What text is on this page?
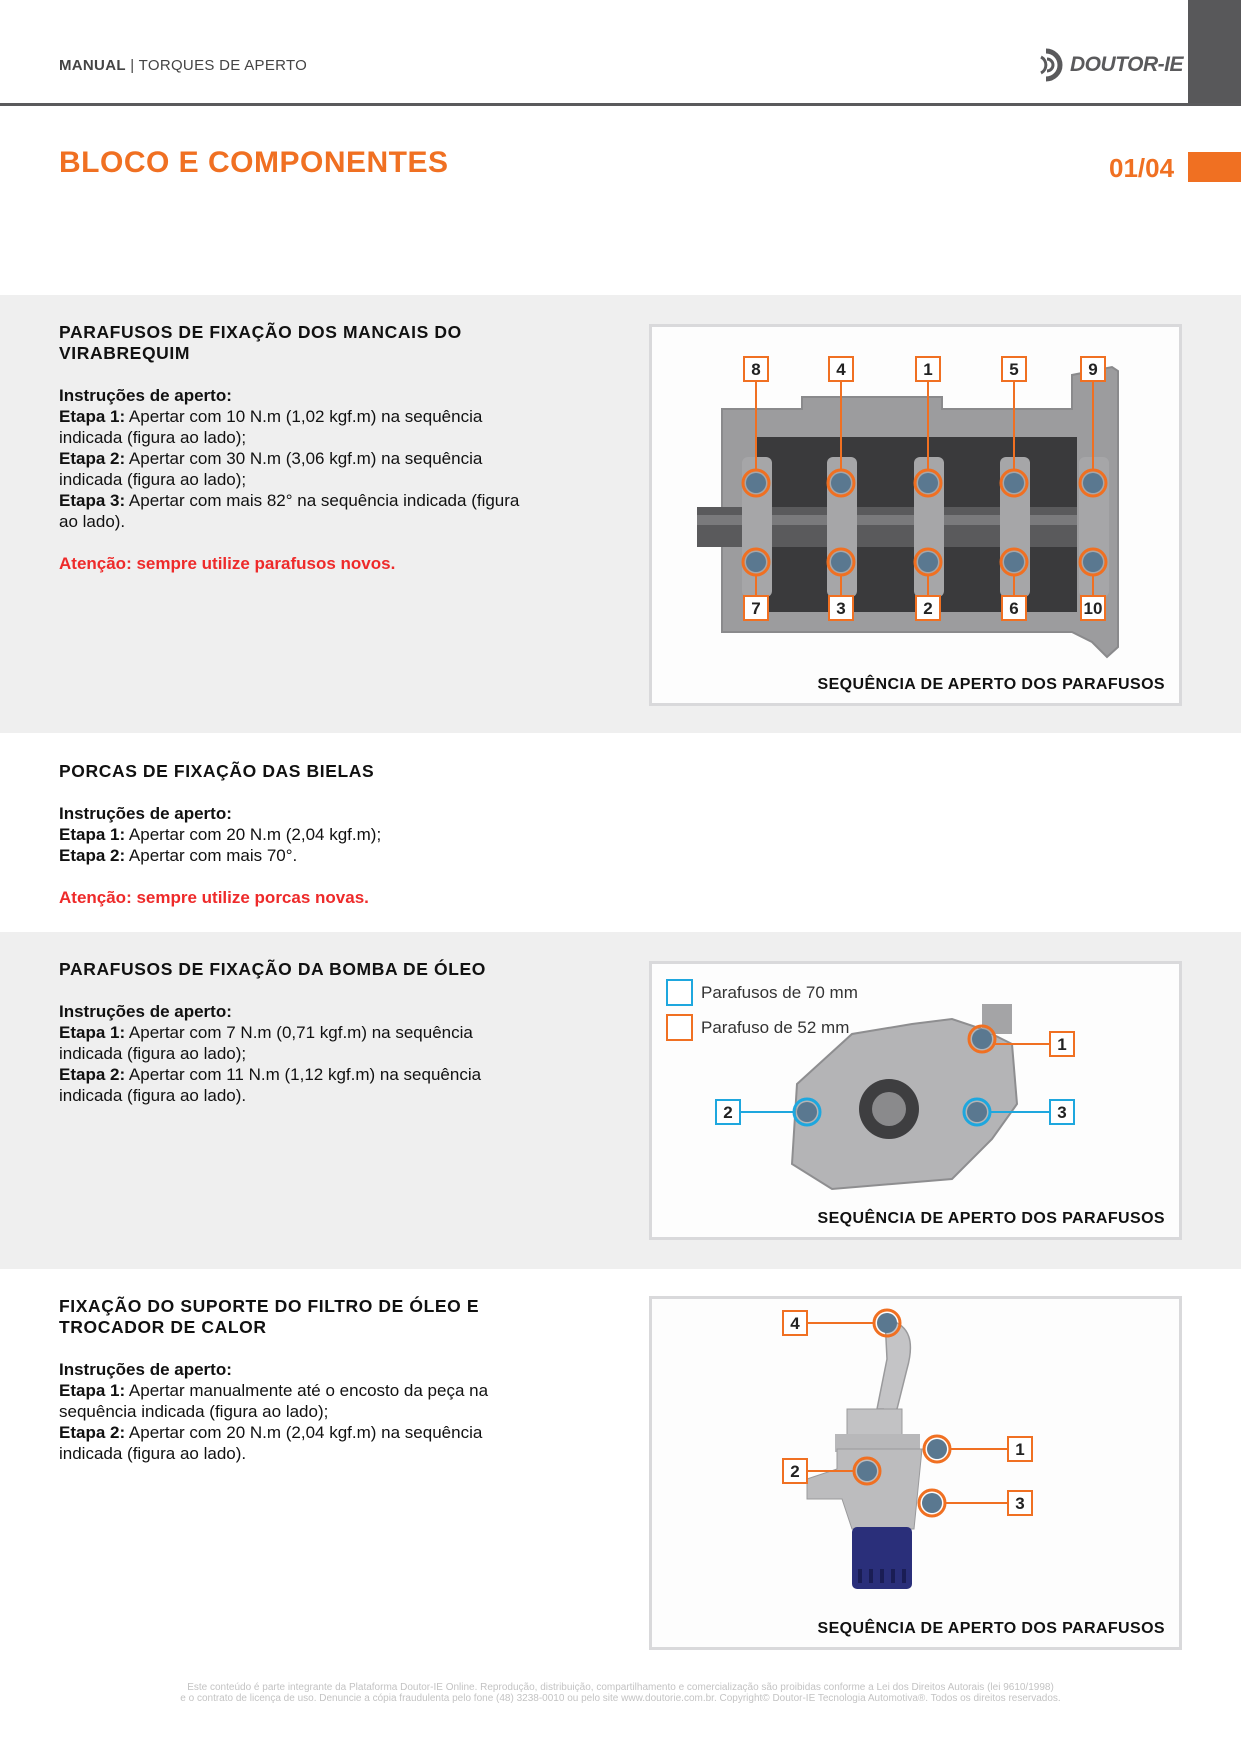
MANUAL | TORQUES DE APERTO	DOUTOR-IE
BLOCO E COMPONENTES	01/04
PARAFUSOS DE FIXAÇÃO DOS MANCAIS DO VIRABREQUIM
Instruções de aperto:
Etapa 1: Apertar com 10 N.m (1,02 kgf.m) na sequência indicada (figura ao lado);
Etapa 2: Apertar com 30 N.m (3,06 kgf.m) na sequência indicada (figura ao lado);
Etapa 3: Apertar com mais 82° na sequência indicada (figura ao lado).
Atenção: sempre utilize parafusos novos.
8
7
4
3
1
2
5
6
9
10
SEQUÊNCIA DE APERTO DOS PARAFUSOS
PORCAS DE FIXAÇÃO DAS BIELAS
Instruções de aperto:
Etapa 1: Apertar com 20 N.m (2,04 kgf.m);
Etapa 2: Apertar com mais 70°.
Atenção: sempre utilize porcas novas.
PARAFUSOS DE FIXAÇÃO DA BOMBA DE ÓLEO
Instruções de aperto:
Etapa 1: Apertar com 7 N.m (0,71 kgf.m) na sequência indicada (figura ao lado);
Etapa 2: Apertar com 11 N.m (1,12 kgf.m) na sequência indicada (figura ao lado).
Parafusos de 70 mm
Parafuso de 52 mm
1
2	3
SEQUÊNCIA DE APERTO DOS PARAFUSOS
FIXAÇÃO DO SUPORTE DO FILTRO DE ÓLEO E TROCADOR DE CALOR
Instruções de aperto:
Etapa 1: Apertar manualmente até o encosto da peça na sequência indicada (figura ao lado);
Etapa 2: Apertar com 20 N.m (2,04 kgf.m) na sequência indicada (figura ao lado).
4
1
2
3
SEQUÊNCIA DE APERTO DOS PARAFUSOS
Este conteúdo é parte integrante da Plataforma Doutor-IE Online. Reprodução, distribuição, compartilhamento e comercialização são proibidas conforme a Lei dos Direitos Autorais (lei 9610/1998)
e o contrato de licença de uso. Denuncie a cópia fraudulenta pelo fone (48) 3238-0010 ou pelo site www.doutorie.com.br. Copyright© Doutor-IE Tecnologia Automotiva®. Todos os direitos reservados.
